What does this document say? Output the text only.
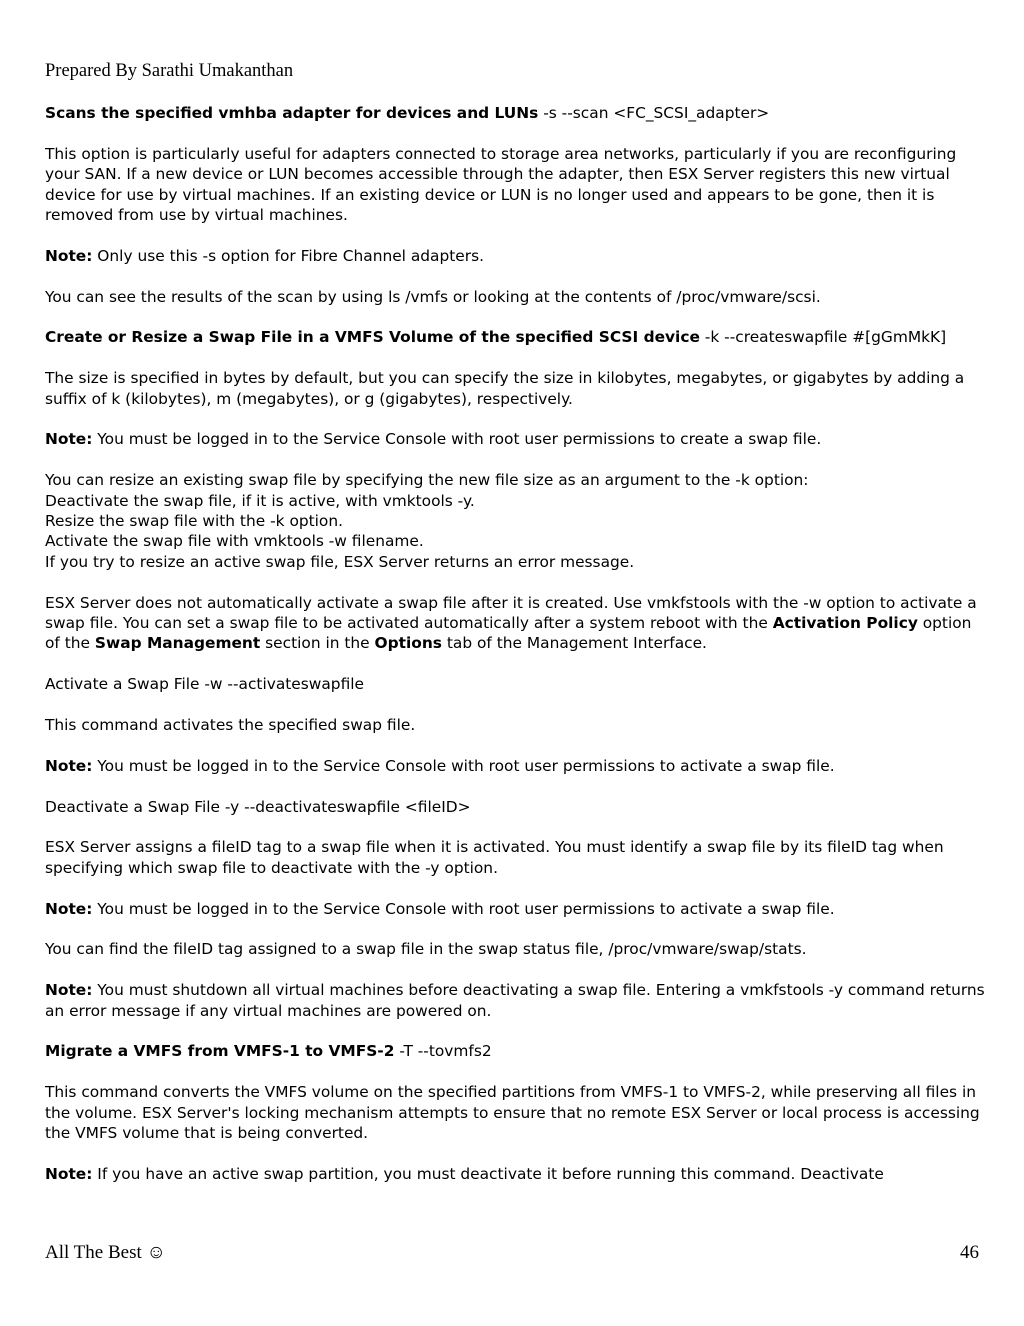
Prepared By Sarathi Umakanthan

Scans the specified vmhba adapter for devices and LUNs -s --scan <FC_SCSI_adapter>

This option is particularly useful for adapters connected to storage area networks, particularly if you are reconfiguring your SAN. If a new device or LUN becomes accessible through the adapter, then ESX Server registers this new virtual device for use by virtual machines. If an existing device or LUN is no longer used and appears to be gone, then it is removed from use by virtual machines.

Note: Only use this -s option for Fibre Channel adapters.

You can see the results of the scan by using ls /vmfs or looking at the contents of /proc/vmware/scsi.

Create or Resize a Swap File in a VMFS Volume of the specified SCSI device -k --createswapfile #[gGmMkK]

The size is specified in bytes by default, but you can specify the size in kilobytes, megabytes, or gigabytes by adding a suffix of k (kilobytes), m (megabytes), or g (gigabytes), respectively.

Note: You must be logged in to the Service Console with root user permissions to create a swap file.

You can resize an existing swap file by specifying the new file size as an argument to the -k option:
Deactivate the swap file, if it is active, with vmktools -y.
Resize the swap file with the -k option.
Activate the swap file with vmktools -w filename.
If you try to resize an active swap file, ESX Server returns an error message.

ESX Server does not automatically activate a swap file after it is created. Use vmkfstools with the -w option to activate a swap file. You can set a swap file to be activated automatically after a system reboot with the Activation Policy option of the Swap Management section in the Options tab of the Management Interface.

Activate a Swap File -w --activateswapfile

This command activates the specified swap file.

Note: You must be logged in to the Service Console with root user permissions to activate a swap file.

Deactivate a Swap File -y --deactivateswapfile <fileID>

ESX Server assigns a fileID tag to a swap file when it is activated. You must identify a swap file by its fileID tag when specifying which swap file to deactivate with the -y option.

Note: You must be logged in to the Service Console with root user permissions to activate a swap file.

You can find the fileID tag assigned to a swap file in the swap status file, /proc/vmware/swap/stats.

Note: You must shutdown all virtual machines before deactivating a swap file. Entering a vmkfstools -y command returns an error message if any virtual machines are powered on.

Migrate a VMFS from VMFS-1 to VMFS-2 -T --tovmfs2

This command converts the VMFS volume on the specified partitions from VMFS-1 to VMFS-2, while preserving all files in the volume. ESX Server's locking mechanism attempts to ensure that no remote ESX Server or local process is accessing the VMFS volume that is being converted.

Note: If you have an active swap partition, you must deactivate it before running this command. Deactivate

All The Best ☺	46
